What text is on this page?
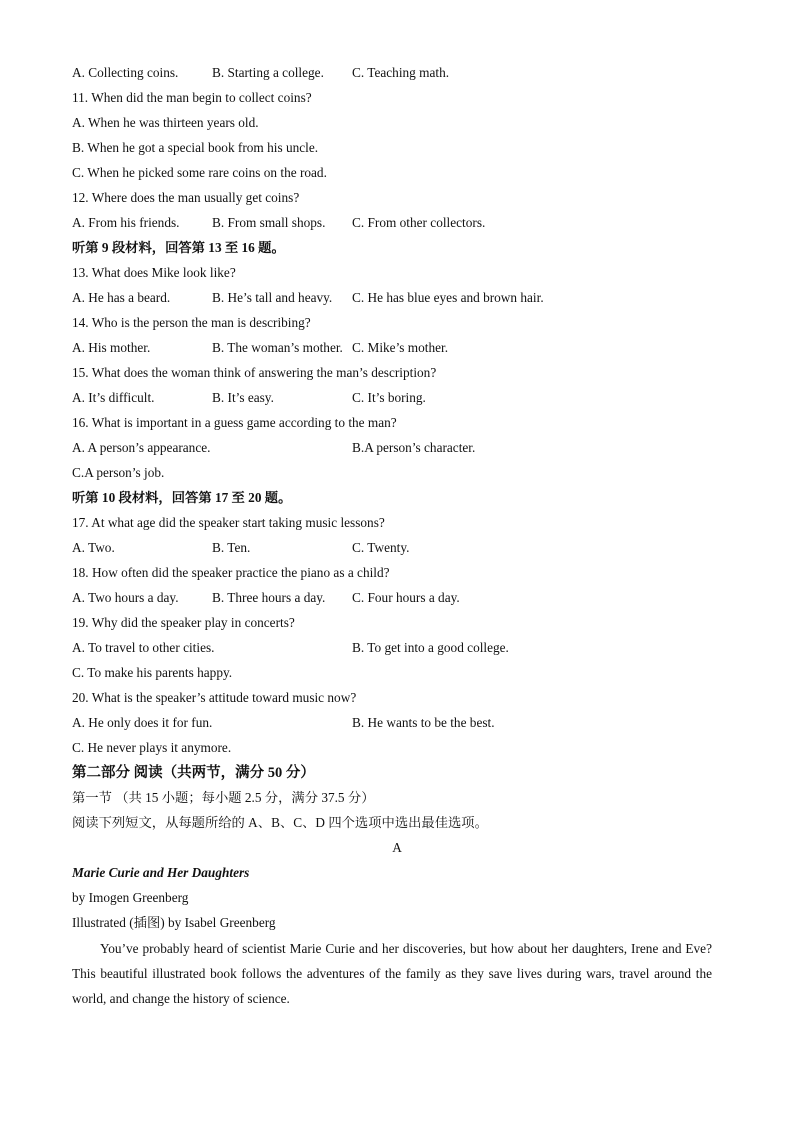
A. Collecting coins.	B. Starting a college. C. Teaching math.
11. When did the man begin to collect coins?
A. When he was thirteen years old.
B. When he got a special book from his uncle.
C. When he picked some rare coins on the road.
12. Where does the man usually get coins?
A. From his friends. B. From small shops. C. From other collectors.
听第 9 段材料，回答第 13 至 16 题。
13. What does Mike look like?
A. He has a beard.	B. He’s tall and heavy. C. He has blue eyes and brown hair.
14. Who is the person the man is describing?
A. His mother.	B. The woman’s mother. C. Mike’s mother.
15. What does the woman think of answering the man’s description?
A. It’s difficult.	B. It’s easy.	C. It’s boring.
16. What is important in a guess game according to the man?
A. A person’s appearance.	B.A person’s character.
C.A person’s job.
听第 10 段材料，回答第 17 至 20 题。
17. At what age did the speaker start taking music lessons?
A. Two.	B. Ten.	C. Twenty.
18. How often did the speaker practice the piano as a child?
A. Two hours a day.	B. Three hours a day. C. Four hours a day.
19. Why did the speaker play in concerts?
A. To travel to other cities.	B. To get into a good college.
C. To make his parents happy.
20. What is the speaker’s attitude toward music now?
A. He only does it for fun.	B. He wants to be the best.
C. He never plays it anymore.
第二部分 阅读（共两节，满分 50 分）
第一节 （共 15 小题；每小题 2.5 分，满分 37.5 分）
阅读下列短文，从每题所给的 A、B、C、D 四个选项中选出最佳选项。
A
Marie Curie and Her Daughters
by Imogen Greenberg
Illustrated (插图) by Isabel Greenberg
You’ve probably heard of scientist Marie Curie and her discoveries, but how about her daughters, Irene and Eve? This beautiful illustrated book follows the adventures of the family as they save lives during wars, travel around the world, and change the history of science.
